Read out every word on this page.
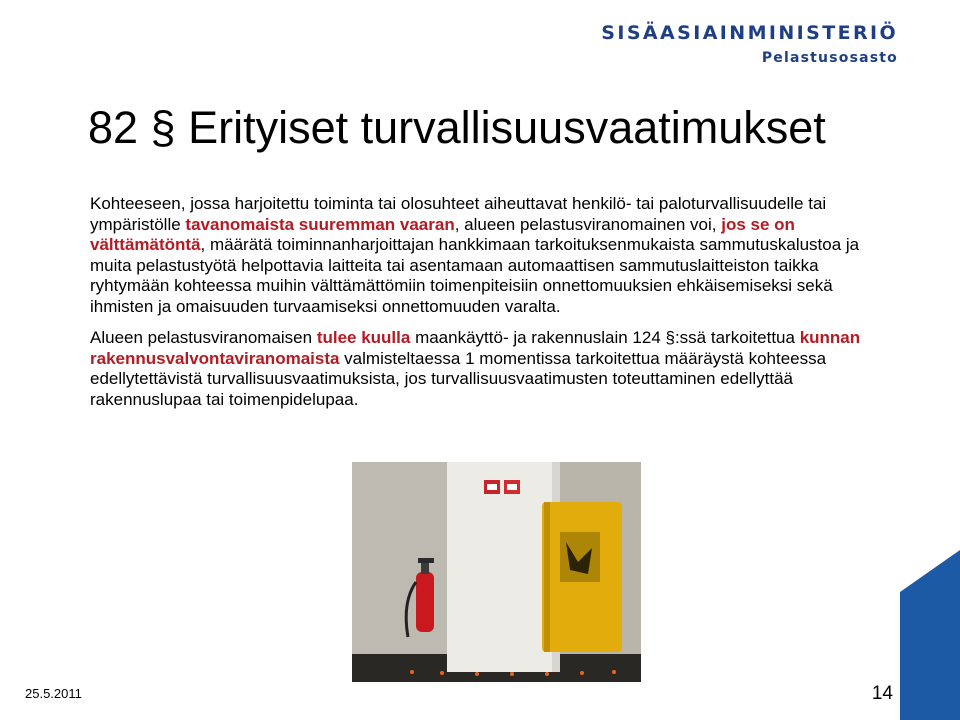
SISÄASIAINMINISTERIÖ
Pelastusosasto
82 § Erityiset turvallisuusvaatimukset

Kohteeseen, jossa harjoitettu toiminta tai olosuhteet aiheuttavat henkilö- tai paloturvallisuudelle tai ympäristölle tavanomaista suuremman vaaran, alueen pelastusviranomainen voi, jos se on välttämätöntä, määrätä toiminnanharjoittajan hankkimaan tarkoituksenmukaista sammutuskalustoa ja muita pelastustyötä helpottavia laitteita tai asentamaan automaattisen sammutuslaitteiston taikka ryhtymään kohteessa muihin välttämättömiin toimenpiteisiin onnettomuuksien ehkäisemiseksi sekä ihmisten ja omaisuuden turvaamiseksi onnettomuuden varalta.

Alueen pelastusviranomaisen tulee kuulla maankäyttö- ja rakennuslain 124 §:ssä tarkoitettua kunnan rakennusvalvontaviranomaista valmisteltaessa 1 momentissa tarkoitettua määräystä kohteessa edellytettävistä turvallisuusvaatimuksista, jos turvallisuusvaatimusten toteuttaminen edellyttää rakennuslupaa tai toimenpidelupaa.

25.5.2011	14
